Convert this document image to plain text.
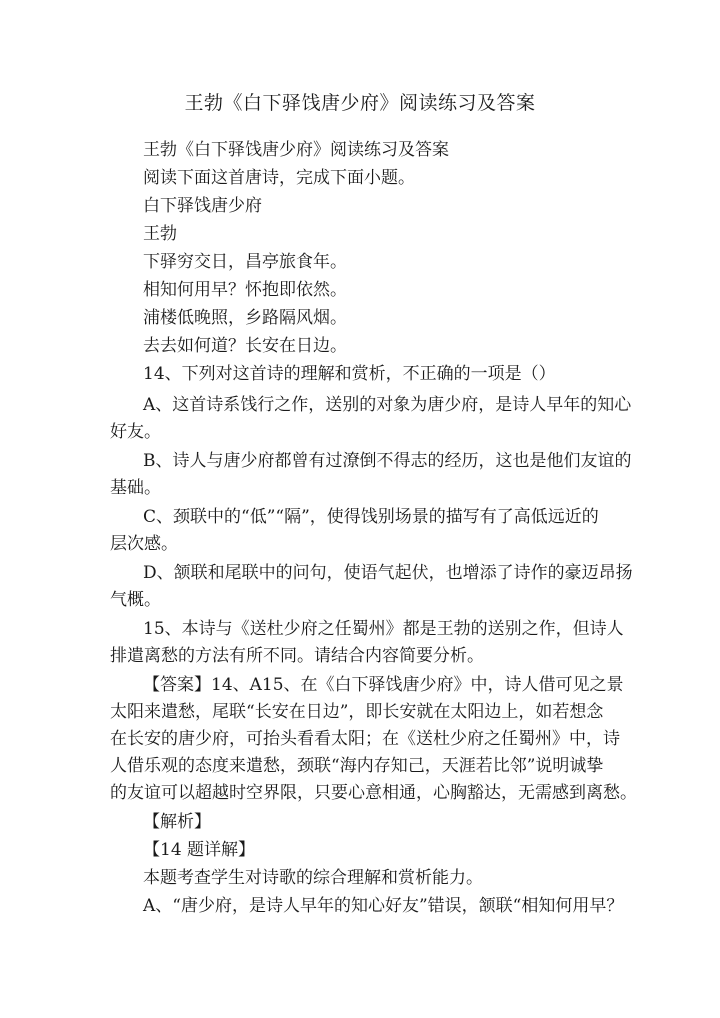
王勃《白下驿饯唐少府》阅读练习及答案
王勃《白下驿饯唐少府》阅读练习及答案
阅读下面这首唐诗，完成下面小题。
白下驿饯唐少府
王勃
下驿穷交日，昌亭旅食年。
相知何用早？怀抱即依然。
浦楼低晚照，乡路隔风烟。
去去如何道？长安在日边。
14、下列对这首诗的理解和赏析，不正确的一项是（）
A、这首诗系饯行之作，送别的对象为唐少府，是诗人早年的知心
好友。
B、诗人与唐少府都曾有过潦倒不得志的经历，这也是他们友谊的
基础。
C、颈联中的“低”“隔”，使得饯别场景的描写有了高低远近的
层次感。
D、颔联和尾联中的问句，使语气起伏，也增添了诗作的豪迈昂扬
气概。
15、本诗与《送杜少府之任蜀州》都是王勃的送别之作，但诗人
排遣离愁的方法有所不同。请结合内容简要分析。
【答案】14、A15、在《白下驿饯唐少府》中，诗人借可见之景
太阳来遣愁，尾联“长安在日边”，即长安就在太阳边上，如若想念
在长安的唐少府，可抬头看看太阳；在《送杜少府之任蜀州》中，诗
人借乐观的态度来遣愁，颈联“海内存知己，天涯若比邻”说明诚挚
的友谊可以超越时空界限，只要心意相通，心胸豁达，无需感到离愁。
【解析】
【14 题详解】
本题考查学生对诗歌的综合理解和赏析能力。
A、“唐少府，是诗人早年的知心好友”错误，颔联“相知何用早？
